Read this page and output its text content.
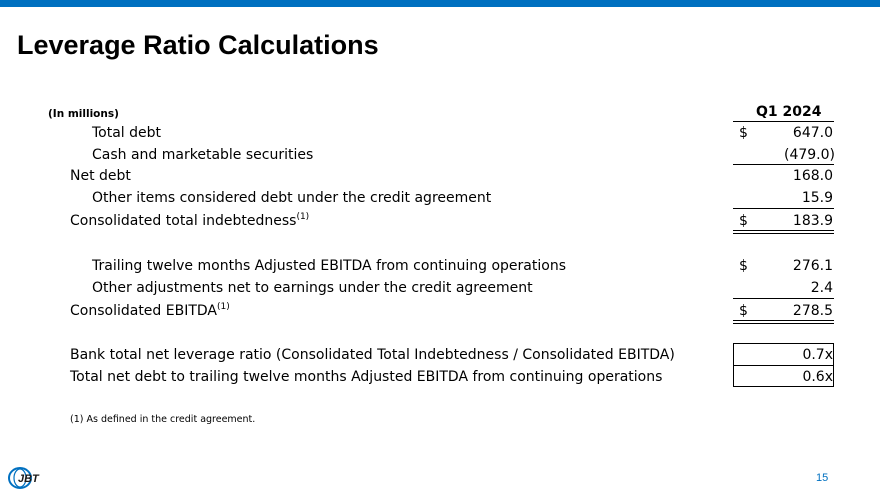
Leverage Ratio Calculations
(In millions)	Q1 2024
Total debt	$	647.0
Cash and marketable securities	(479.0)
Net debt	168.0
Other items considered debt under the credit agreement	15.9
Consolidated total indebtedness$^{(1)}$	$	183.9
Trailing twelve months Adjusted EBITDA from continuing operations	$	276.1
Other adjustments net to earnings under the credit agreement	2.4
Consolidated EBITDA$^{(1)}$	$	278.5
Bank total net leverage ratio (Consolidated Total Indebtedness / Consolidated EBITDA)	0.7x
Total net debt to trailing twelve months Adjusted EBITDA from continuing operations	0.6x
(1) As defined in the credit agreement.
JBT	15
